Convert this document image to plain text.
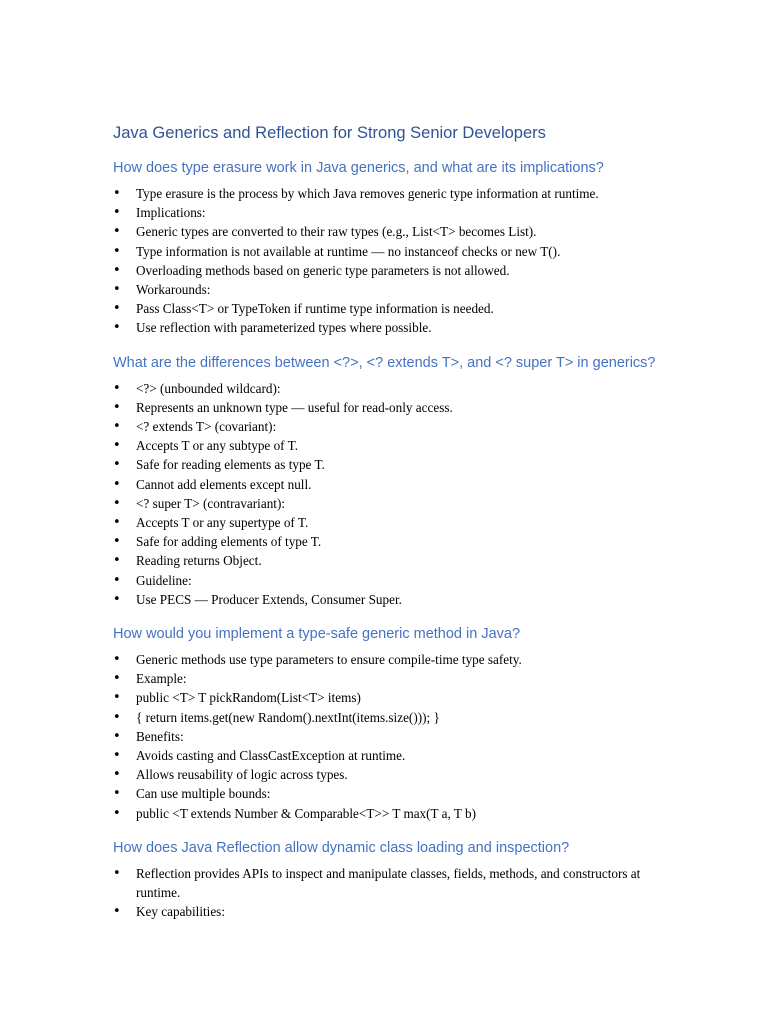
Java Generics and Reflection for Strong Senior Developers
How does type erasure work in Java generics, and what are its implications?
• Type erasure is the process by which Java removes generic type information at runtime.
• Implications:
• Generic types are converted to their raw types (e.g., List<T> becomes List).
• Type information is not available at runtime — no instanceof checks or new T().
• Overloading methods based on generic type parameters is not allowed.
• Workarounds:
• Pass Class<T> or TypeToken if runtime type information is needed.
• Use reflection with parameterized types where possible.
What are the differences between <?>, <? extends T>, and <? super T> in generics?
• <?> (unbounded wildcard):
• Represents an unknown type — useful for read-only access.
• <? extends T> (covariant):
• Accepts T or any subtype of T.
• Safe for reading elements as type T.
• Cannot add elements except null.
• <? super T> (contravariant):
• Accepts T or any supertype of T.
• Safe for adding elements of type T.
• Reading returns Object.
• Guideline:
• Use PECS — Producer Extends, Consumer Super.
How would you implement a type-safe generic method in Java?
• Generic methods use type parameters to ensure compile-time type safety.
• Example:
• public <T> T pickRandom(List<T> items)
• { return items.get(new Random().nextInt(items.size())); }
• Benefits:
• Avoids casting and ClassCastException at runtime.
• Allows reusability of logic across types.
• Can use multiple bounds:
• public <T extends Number & Comparable<T>> T max(T a, T b)
How does Java Reflection allow dynamic class loading and inspection?
• Reflection provides APIs to inspect and manipulate classes, fields, methods, and constructors at runtime.
• Key capabilities:
